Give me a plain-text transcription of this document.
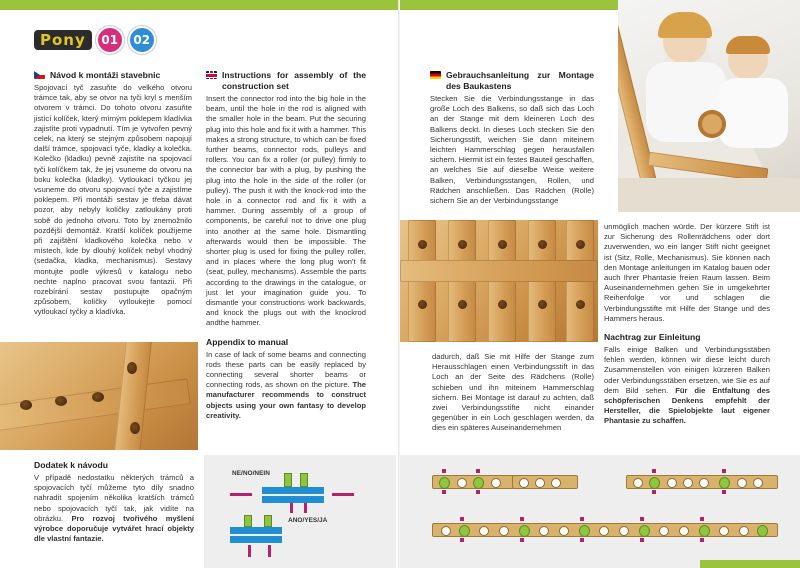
Pony	01	02

Návod k montáži stavebnic

Spojovací tyč zasuňte do velkého otvoru trámce tak, aby se otvor na tyči kryl s menším otvorem v trámci. Do tohoto otvoru zasuňte jistící kolíček, který mírným poklepem kladívka zajistíte proti vypadnutí. Tím je vytvořen pevný celek, na který se stejným způsobem napojují další trámce, spojovací tyče, kladky a kolečka. Kolečko (kladku) pevně zajistíte na spojovací tyči kolíčkem tak, že jej vsuneme do otvoru na boku kolečka (kladky). Vytloukací tyčkou jej vsuneme do otvoru spojovací tyče a zajistíme poklepem. Při montáži sestav je třeba dávat pozor, aby nebyly kolíčky zatloukány proti sobě do jednoho otvoru. Toto by znemožnilo pozdější demontáž. Kratší kolíček použijeme při zajištění kladkového kolečka nebo v místech, kde by dlouhý kolíček nebyl vhodný (sedačka, kladka, mechanismus). Sestavy montujte podle výkresů v katalogu nebo nechte naplno pracovat svou fantazii. Při rozebírání sestav postupujte opačným způsobem, kolíčky vytloukejte pomocí vytloukací tyčky a kladívka.

Instructions for assembly of the construction set

Insert the connector rod into the big hole in the beam, until the hole in the rod is aligned with the smaller hole in the beam. Put the securing plug into this hole and fix it with a hammer. This makes a strong structure, to which can be fixed further beams, connector rods, pulleys and rollers. You can fix a roller (or pulley) firmly to the connector bar with a plug, by pushing the plug into the hole in the side of the roller (or pulley). The push it with the knock-rod into the hole in a connector rod and fix it with a hammer. During assembly of a group of components, be careful not to drive one plug into another at the same hole. Dismantling afterwards would then be impossible. The shorter plug is used for fixing the pulley roller, and in places where the long plug won't fit (seat, pulley, mechanisms). Assemble the parts according to the drawings in the catalogue, or just let your imagination guide you. To dismantle your constructions work backwards, and knock the plugs out with the knockrod andthe hammer.

Appendix to manual

In case of lack of some beams and connecting rods these parts can be easily replaced by connecting several shorter beams or connecting rods, as shown on the picture. The manufacturer recommends to construct objects using your own fantasy to develop creativity.

Dodatek k návodu

V případě nedostatku některých trámců a spojovacích tyčí můžeme tyto díly snadno nahradit spojením několika kratších trámců nebo spojovacích tyčí tak, jak vidíte na obrázku. Pro rozvoj tvořivého myšlení výrobce doporučuje vytvářet hrací objekty dle vlastní fantazie.

NE/NO/NEIN
ANO/YES/JA

Gebrauchsanleitung zur Montage des Baukastens

Stecken Sie die Verbindungsstange in das große Loch des Balkens, so daß sich das Loch an der Stange mit dem kleineren Loch des Balkens deckt. In dieses Loch stecken Sie den Sicherungsstift, weichen Sie dann miteinem leichten Hammerschlag gegen herausfallen sichern. Hiermit ist ein festes Bauteil geschaffen, an welches Sie auf dieselbe Weise weitere Balken, Verbindungsstangen, Rollen, und Rädchen anschließen. Das Rädchen (Rolle) sichern Sie an der Verbindungsstange

dadurch, daß Sie mit Hilfe der Stange zum Herausschlagen einen Verbindungsstift in das Loch an der Seite des Rädchens (Rolle) schieben und ihn miteinem Hammerschlag sichern. Bei Montage ist darauf zu achten, daß zwei Verbindungsstifte nicht einander gegenüber in ein Loch geschlagen werden, da dies ein späteres Auseinandernehmen

unmöglich machen würde. Der kürzere Stift ist zur Sicherung des Rollenrädchens oder dort zuverwenden, wo ein langer Stift nicht geeignet ist (Sitz, Rolle, Mechanismus). Sie können nach den Montage anleitungen im Katalog bauen oder auch Ihrer Phantasie freien Raum lassen. Beim Auseinandernehmen gehen Sie in umgekehrter Reihenfolge vor und schlagen die Verbindungsstifte mit Hilfe der Stange und des Hammers heraus.

Nachtrag zur Einleitung

Falls einige Balken und Verbindungsstäben fehlen werden, können wir diese leicht durch Zusammenstellen von einigen kürzeren Balken oder Verbindungsstäben ersetzen, wie Sie es auf dem Bild sehen. Für die Entfaltung des schöpferischen Denkens empfehlt der Hersteller, die Spielobjekte laut eigener Phantasie zu schaffen.
